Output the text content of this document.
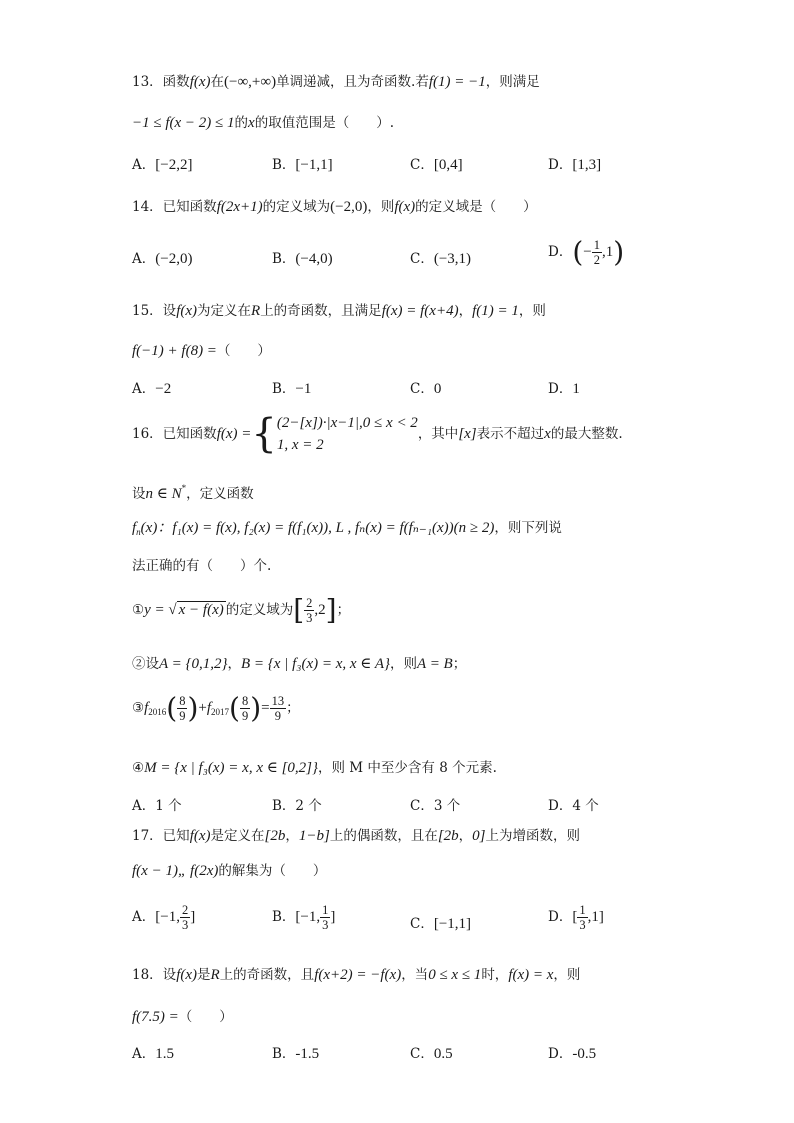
13．函数f(x)在(−∞,+∞)单调递减，且为奇函数.若f(1) = −1，则满足
−1 ≤ f(x − 2) ≤ 1的x的取值范围是（　　）.
A．[−2,2]	B．[−1,1]	C．[0,4]	D．[1,3]
14．已知函数f(2x+1)的定义域为(−2,0)，则f(x)的定义域是（　　）
A．(−2,0)	B．(−4,0)	C．(−3,1)	D．(− $\frac{1}{2} ,1$)
15．设f(x)为定义在R上的奇函数，且满足f(x) = f(x+4)，f(1) = 1，则
f(−1) + f(8) =（　　）
A．−2	B．−1	C．0	D．1
16．已知函数f(x) ={ (2−[x])·|x−1|,0 ≤ x < 2
1, x = 2
，其中[x]表示不超过x的最大整数.
设n ∈ N*，定义函数
$f_n(x)$：f₁(x) = f(x), f₂(x) = f(f₁(x)), L , fₙ(x) = f(fₙ₋₁(x))(n ≥ 2)，则下列说
法正确的有（　　）个.
①y = √ x − f(x) 的定义域为[ $\frac{2}{3} ,2$]；
②设A = {0,1,2}，B = {x | f₃(x) = x, x ∈ A}，则A = B；
$③f_{2016}( \frac{8}{9} )+f_{2017}( \frac{8}{9}$ )= $\frac{13}{9}$ ；
④M = {x | f₃(x) = x, x ∈ [0,2]}，则 M 中至少含有 8 个元素.
A．1 个	B．2 个	C．3 个	D．4 个
17．已知f(x)是定义在[2b，1−b]上的偶函数，且在[2b，0]上为增函数，则
f(x − 1)„ f(2x)的解集为（　　）
A．[−1, $\frac{2}{3}$ ]	B．[−1, $\frac{1}{3}$ ]	C．[−1,1]	D．[ $\frac{1}{3} ,1$]
18．设f(x)是R上的奇函数，且f(x+2) = −f(x)，当0 ≤ x ≤ 1时，f(x) = x，则
f(7.5) =（　　）
A．1.5	B．-1.5	C．0.5	D．-0.5
